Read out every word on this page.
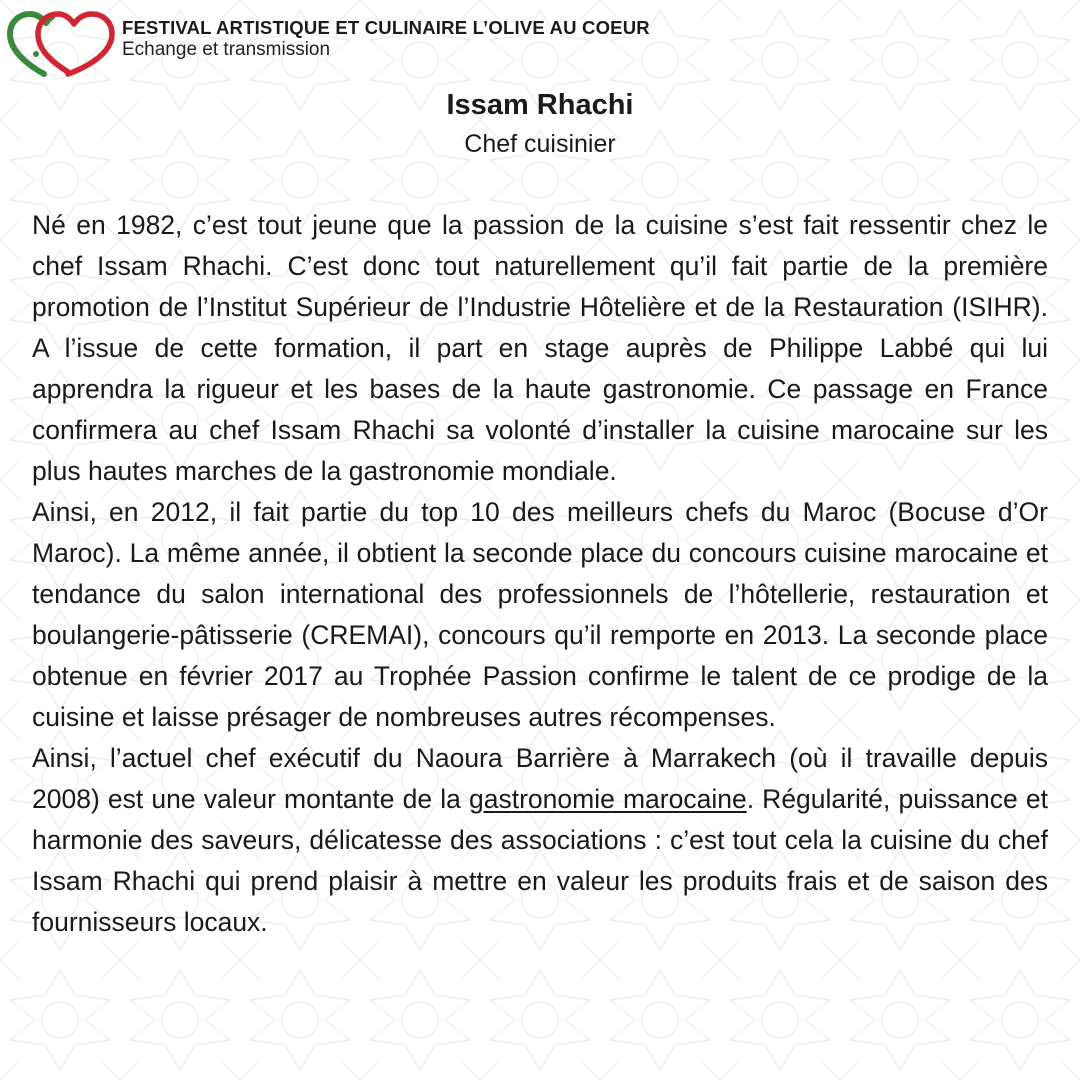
FESTIVAL ARTISTIQUE ET CULINAIRE L’OLIVE AU COEUR
Echange et transmission
Issam Rhachi
Chef cuisinier

Né en 1982, c’est tout jeune que la passion de la cuisine s’est fait ressentir chez le chef Issam Rhachi. C’est donc tout naturellement qu’il fait partie de la première promotion de l’Institut Supérieur de l’Industrie Hôtelière et de la Restauration (ISIHR). A l’issue de cette formation, il part en stage auprès de Philippe Labbé qui lui apprendra la rigueur et les bases de la haute gastronomie. Ce passage en France confirmera au chef Issam Rhachi sa volonté d’installer la cuisine marocaine sur les plus hautes marches de la gastronomie mondiale.

Ainsi, en 2012, il fait partie du top 10 des meilleurs chefs du Maroc (Bocuse d’Or Maroc). La même année, il obtient la seconde place du concours cuisine marocaine et tendance du salon international des professionnels de l’hôtellerie, restauration et boulangerie-pâtisserie (CREMAI), concours qu’il remporte en 2013. La seconde place obtenue en février 2017 au Trophée Passion confirme le talent de ce prodige de la cuisine et laisse présager de nombreuses autres récompenses.

Ainsi, l’actuel chef exécutif du Naoura Barrière à Marrakech (où il travaille depuis 2008) est une valeur montante de la gastronomie marocaine. Régularité, puissance et harmonie des saveurs, délicatesse des associations : c’est tout cela la cuisine du chef Issam Rhachi qui prend plaisir à mettre en valeur les produits frais et de saison des fournisseurs locaux.
